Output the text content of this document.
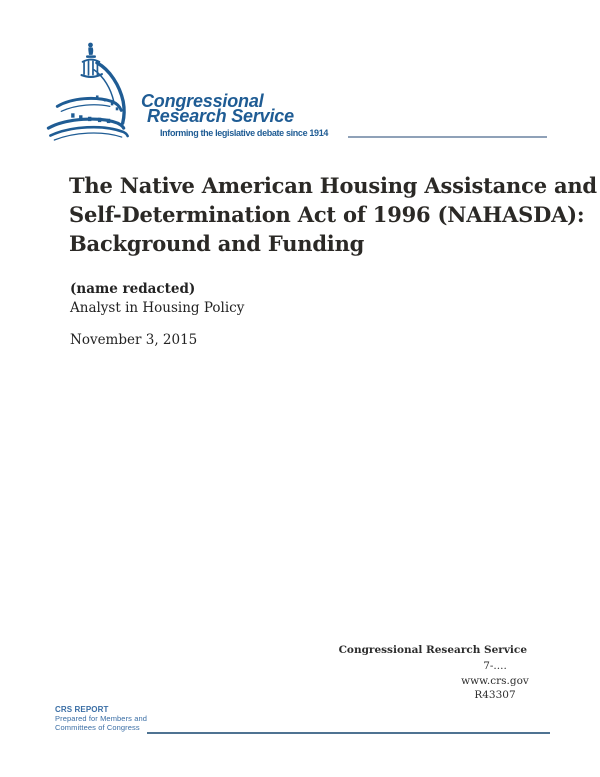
Congressional
Research Service
Informing the legislative debate since 1914
The Native American Housing Assistance and
Self-Determination Act of 1996 (NAHASDA):
Background and Funding
(name redacted)
Analyst in Housing Policy
November 3, 2015
Congressional Research Service
7-....
www.crs.gov
R43307
CRS REPORT
Prepared for Members and
Committees of Congress
